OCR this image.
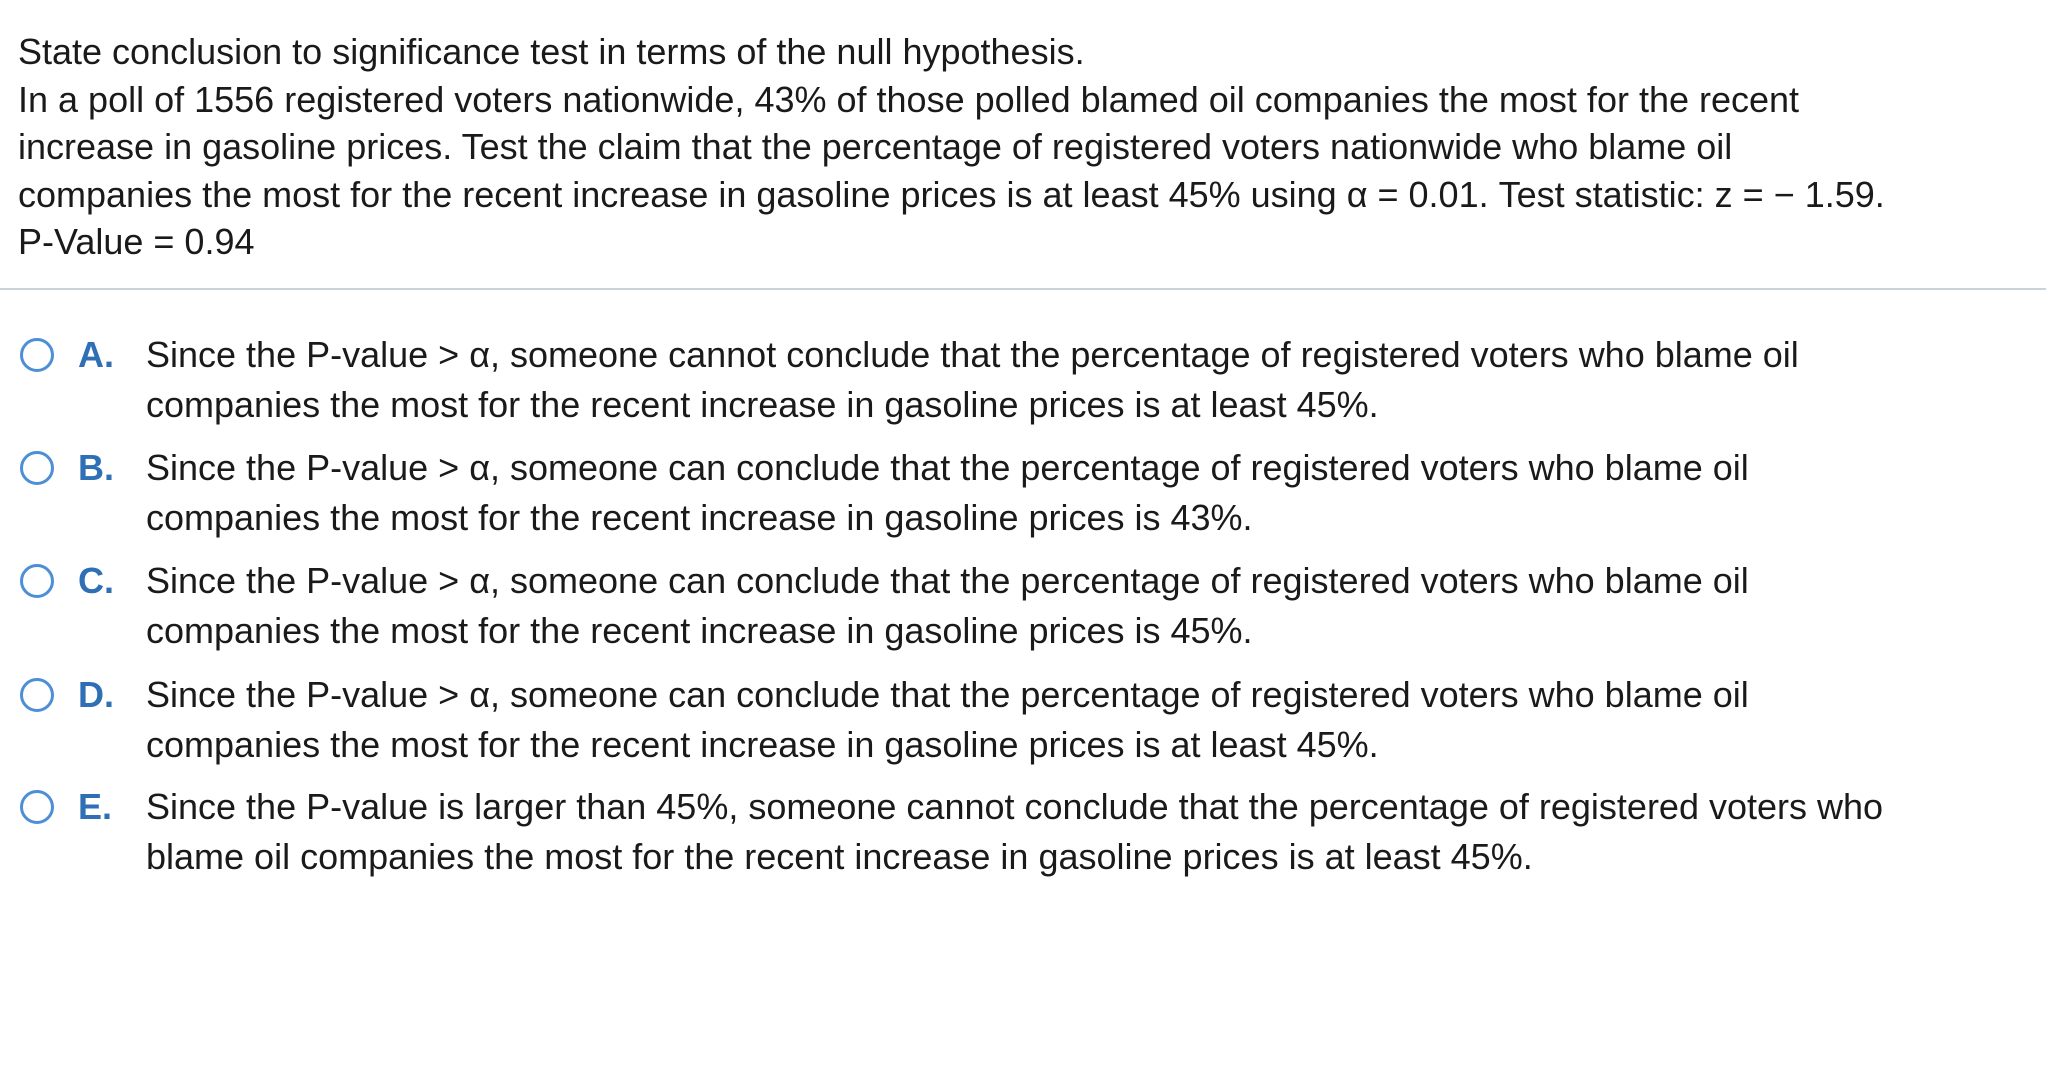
State conclusion to significance test in terms of the null hypothesis.
In a poll of 1556 registered voters nationwide, 43% of those polled blamed oil companies the most for the recent
increase in gasoline prices. Test the claim that the percentage of registered voters nationwide who blame oil
companies the most for the recent increase in gasoline prices is at least 45% using α = 0.01. Test statistic: z = − 1.59.
P-Value = 0.94
A. Since the P-value > α, someone cannot conclude that the percentage of registered voters who blame oil
companies the most for the recent increase in gasoline prices is at least 45%.
B. Since the P-value > α, someone can conclude that the percentage of registered voters who blame oil
companies the most for the recent increase in gasoline prices is 43%.
C. Since the P-value > α, someone can conclude that the percentage of registered voters who blame oil
companies the most for the recent increase in gasoline prices is 45%.
D. Since the P-value > α, someone can conclude that the percentage of registered voters who blame oil
companies the most for the recent increase in gasoline prices is at least 45%.
E. Since the P-value is larger than 45%, someone cannot conclude that the percentage of registered voters who
blame oil companies the most for the recent increase in gasoline prices is at least 45%.
